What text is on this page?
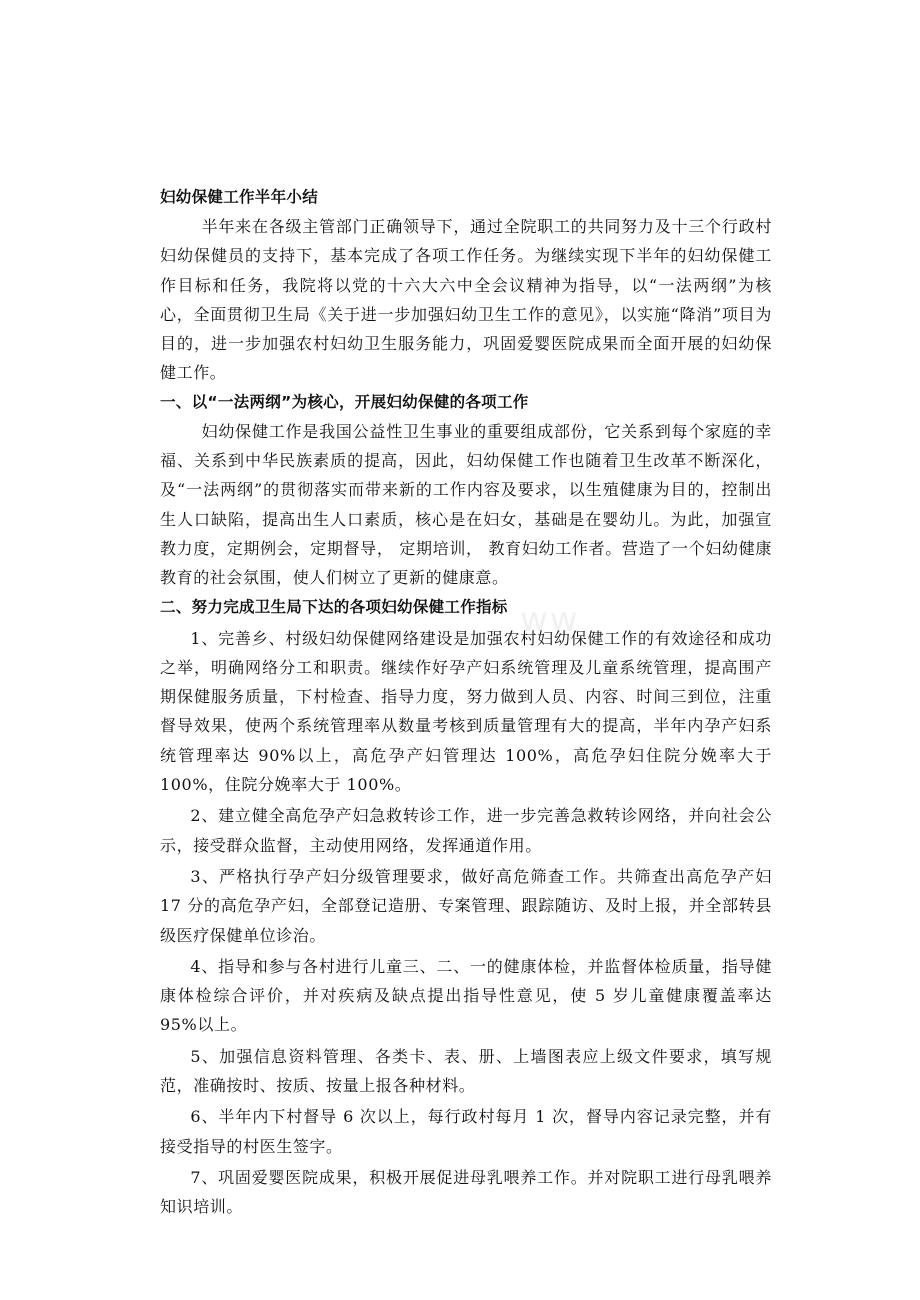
ww

妇幼保健工作半年小结

半年来在各级主管部门正确领导下，通过全院职工的共同努力及十三个行政村妇幼保健员的支持下，基本完成了各项工作任务。为继续实现下半年的妇幼保健工作目标和任务，我院将以党的十六大六中全会议精神为指导，以“一法两纲”为核心，全面贯彻卫生局《关于进一步加强妇幼卫生工作的意见》，以实施“降消”项目为目的，进一步加强农村妇幼卫生服务能力，巩固爱婴医院成果而全面开展的妇幼保健工作。

一、以“一法两纲”为核心，开展妇幼保健的各项工作

妇幼保健工作是我国公益性卫生事业的重要组成部份，它关系到每个家庭的幸福、关系到中华民族素质的提高，因此，妇幼保健工作也随着卫生改革不断深化，及“一法两纲”的贯彻落实而带来新的工作内容及要求，以生殖健康为目的，控制出生人口缺陷，提高出生人口素质，核心是在妇女，基础是在婴幼儿。为此，加强宣教力度，定期例会，定期督导， 定期培训， 教育妇幼工作者。营造了一个妇幼健康教育的社会氛围，使人们树立了更新的健康意。

二、努力完成卫生局下达的各项妇幼保健工作指标

1、完善乡、村级妇幼保健网络建设是加强农村妇幼保健工作的有效途径和成功之举，明确网络分工和职责。继续作好孕产妇系统管理及儿童系统管理，提高围产期保健服务质量，下村检查、指导力度，努力做到人员、内容、时间三到位，注重督导效果，使两个系统管理率从数量考核到质量管理有大的提高，半年内孕产妇系统管理率达 90%以上，高危孕产妇管理达 100%，高危孕妇住院分娩率大于 100%，住院分娩率大于 100%。

2、建立健全高危孕产妇急救转诊工作，进一步完善急救转诊网络，并向社会公示，接受群众监督，主动使用网络，发挥通道作用。

3、严格执行孕产妇分级管理要求，做好高危筛查工作。共筛查出高危孕产妇 17 分的高危孕产妇，全部登记造册、专案管理、跟踪随访、及时上报，并全部转县级医疗保健单位诊治。

4、指导和参与各村进行儿童三、二、一的健康体检，并监督体检质量，指导健康体检综合评价，并对疾病及缺点提出指导性意见，使 5 岁儿童健康覆盖率达 95%以上。

5、加强信息资料管理、各类卡、表、册、上墙图表应上级文件要求，填写规范，准确按时、按质、按量上报各种材料。

6、半年内下村督导 6 次以上，每行政村每月 1 次，督导内容记录完整，并有接受指导的村医生签字。

7、巩固爱婴医院成果，积极开展促进母乳喂养工作。并对院职工进行母乳喂养知识培训。
